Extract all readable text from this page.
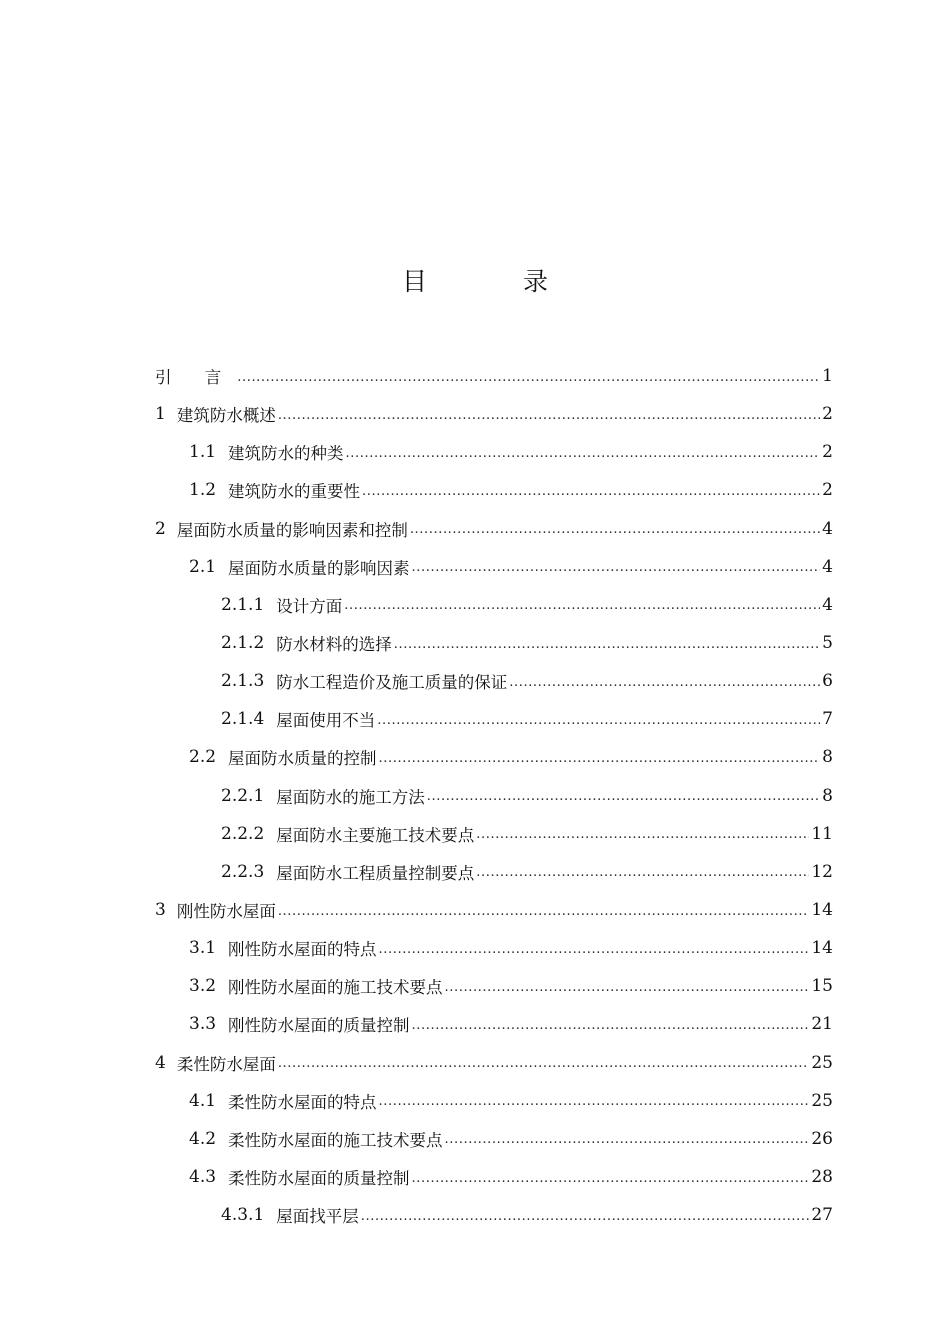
目 录
引 言 .....	1
1 建筑防水概述 .....	2
1.1 建筑防水的种类 .....	2
1.2 建筑防水的重要性 .....	2
2 屋面防水质量的影响因素和控制 .....	4
2.1 屋面防水质量的影响因素 .....	4
2.1.1 设计方面 .....	4
2.1.2 防水材料的选择 .....	5
2.1.3 防水工程造价及施工质量的保证 .....	6
2.1.4 屋面使用不当 .....	7
2.2 屋面防水质量的控制 .....	8
2.2.1 屋面防水的施工方法 .....	8
2.2.2 屋面防水主要施工技术要点 .....	11
2.2.3 屋面防水工程质量控制要点 .....	12
3 刚性防水屋面 .....	14
3.1 刚性防水屋面的特点 .....	14
3.2 刚性防水屋面的施工技术要点 .....	15
3.3 刚性防水屋面的质量控制 .....	21
4 柔性防水屋面 .....	25
4.1 柔性防水屋面的特点 .....	25
4.2 柔性防水屋面的施工技术要点 .....	26
4.3 柔性防水屋面的质量控制 .....	28
4.3.1 屋面找平层 .....	27
